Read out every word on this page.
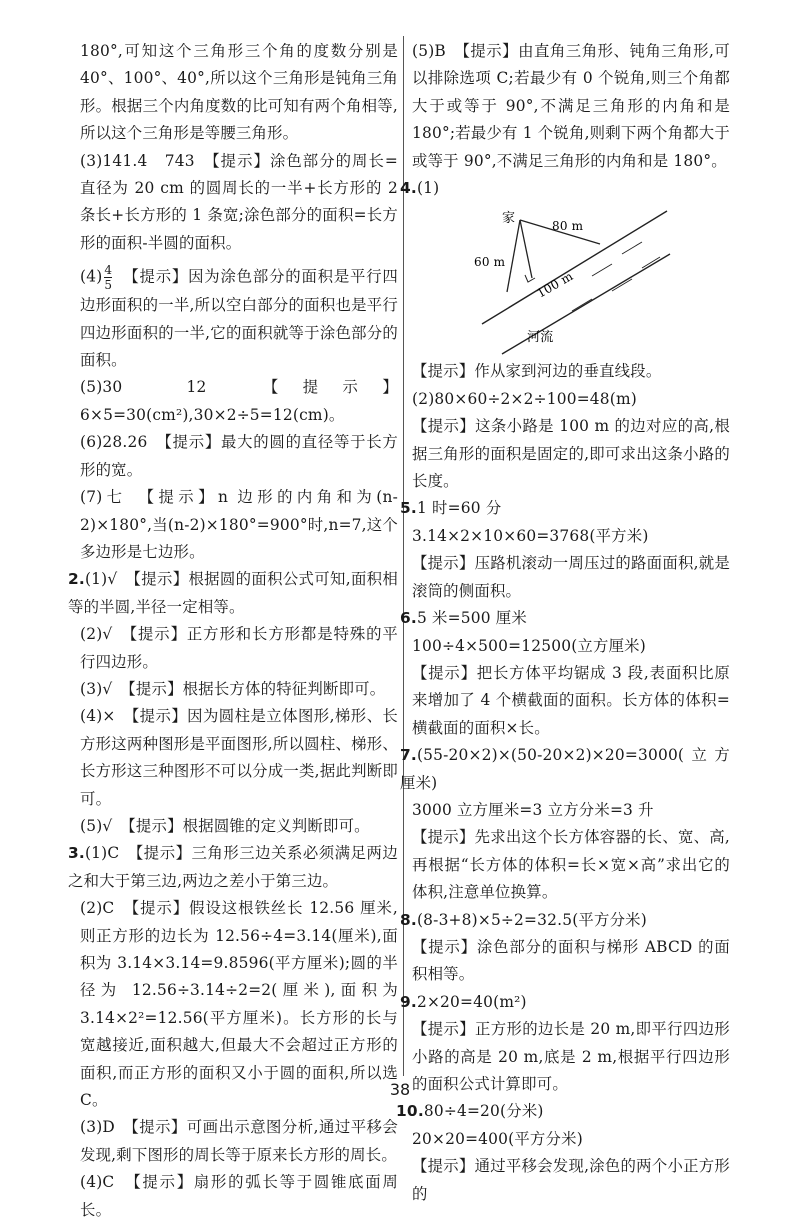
180°,可知这个三角形三个角的度数分别是 40°、100°、40°,所以这个三角形是钝角三角形。根据三个内角度数的比可知有两个角相等,所以这个三角形是等腰三角形。

(3)141.4　743　【提示】涂色部分的周长=直径为 20 cm 的圆周长的一半+长方形的 2 条长+长方形的 1 条宽;涂色部分的面积=长方形的面积-半圆的面积。

$(4) \frac{4}{5}$ 　【提示】因为涂色部分的面积是平行四边形面积的一半,所以空白部分的面积也是平行四边形面积的一半,它的面积就等于涂色部分的面积。

(5)30　12　【提示】6×5=30(cm²),30×2÷5=12(cm)。

(6)28.26　【提示】最大的圆的直径等于长方形的宽。

(7)七　【提示】n 边形的内角和为(n-2)×180°,当(n-2)×180°=900°时,n=7,这个多边形是七边形。

2.(1)√　【提示】根据圆的面积公式可知,面积相等的半圆,半径一定相等。

(2)√　【提示】正方形和长方形都是特殊的平行四边形。

(3)√　【提示】根据长方体的特征判断即可。

(4)×　【提示】因为圆柱是立体图形,梯形、长方形这两种图形是平面图形,所以圆柱、梯形、长方形这三种图形不可以分成一类,据此判断即可。

(5)√　【提示】根据圆锥的定义判断即可。

3.(1)C　【提示】三角形三边关系必须满足两边之和大于第三边,两边之差小于第三边。

(2)C　【提示】假设这根铁丝长 12.56 厘米,则正方形的边长为 12.56÷4=3.14(厘米),面积为 3.14×3.14=9.8596(平方厘米);圆的半径为 12.56÷3.14÷2=2(厘米),面积为 3.14×2²=12.56(平方厘米)。长方形的长与宽越接近,面积越大,但最大不会超过正方形的面积,而正方形的面积又小于圆的面积,所以选 C。

(3)D　【提示】可画出示意图分析,通过平移会发现,剩下图形的周长等于原来长方形的周长。

(4)C　【提示】扇形的弧长等于圆锥底面周长。

(5)B　【提示】由直角三角形、钝角三角形,可以排除选项 C;若最少有 0 个锐角,则三个角都大于或等于 90°,不满足三角形的内角和是 180°;若最少有 1 个锐角,则剩下两个角都大于或等于 90°,不满足三角形的内角和是 180°。

4.(1)

家	80 m
60 m
100 m
河流

【提示】作从家到河边的垂直线段。

(2)80×60÷2×2÷100=48(m)

【提示】这条小路是 100 m 的边对应的高,根据三角形的面积是固定的,即可求出这条小路的长度。

5.1 时=60 分

3.14×2×10×60=3768(平方米)

【提示】压路机滚动一周压过的路面面积,就是滚筒的侧面积。

6.5 米=500 厘米

100÷4×500=12500(立方厘米)

【提示】把长方体平均锯成 3 段,表面积比原来增加了 4 个横截面的面积。长方体的体积=横截面的面积×长。

7.(55-20×2)×(50-20×2)×20=3000(立方厘米)

3000 立方厘米=3 立方分米=3 升

【提示】先求出这个长方体容器的长、宽、高,再根据“长方体的体积=长×宽×高”求出它的体积,注意单位换算。

8.(8-3+8)×5÷2=32.5(平方分米)

【提示】涂色部分的面积与梯形 ABCD 的面积相等。

9.2×20=40(m²)

【提示】正方形的边长是 20 m,即平行四边形小路的高是 20 m,底是 2 m,根据平行四边形的面积公式计算即可。

10.80÷4=20(分米)

20×20=400(平方分米)

【提示】通过平移会发现,涂色的两个小正方形的

38
